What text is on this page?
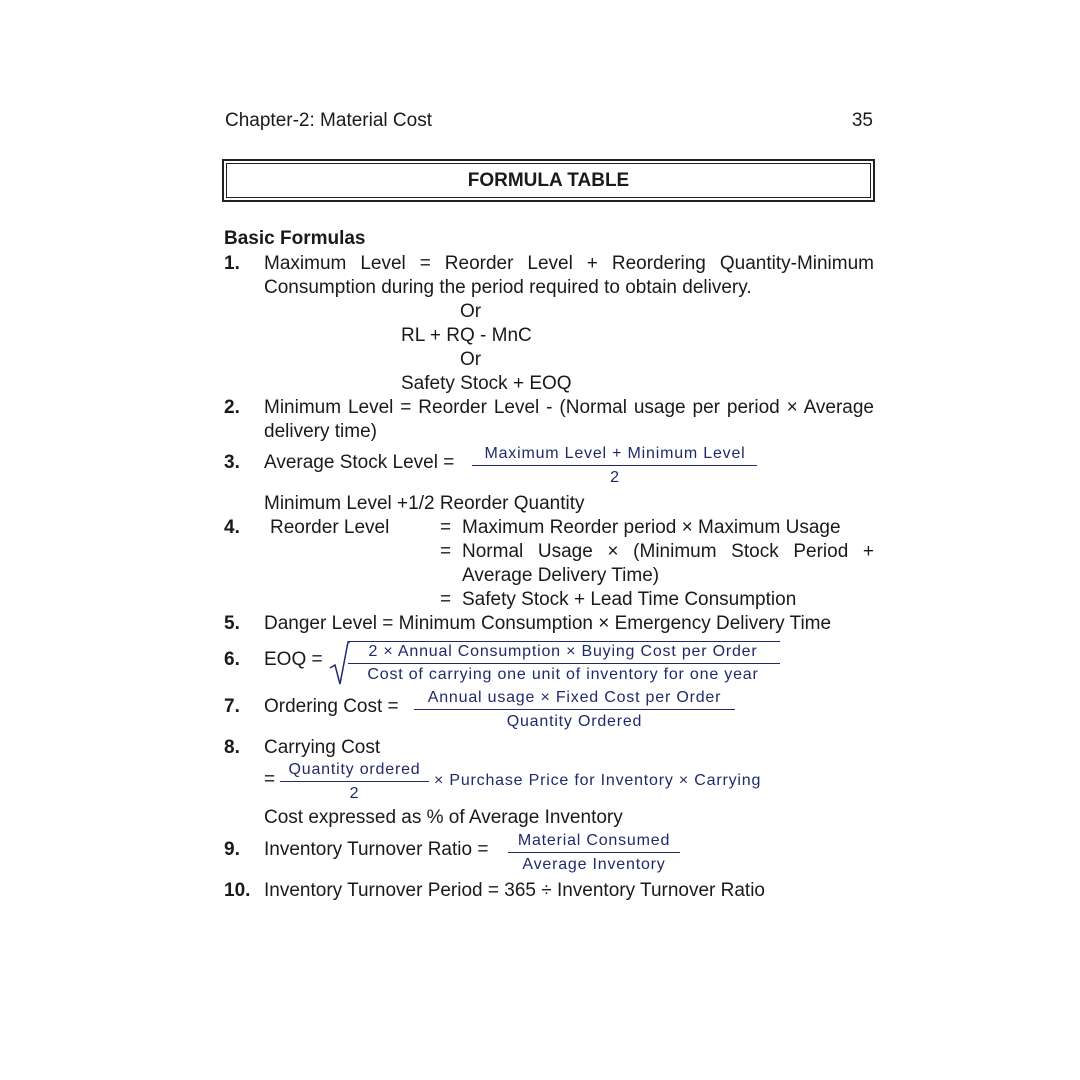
Chapter-2: Material Cost	35
FORMULA TABLE
Basic Formulas
1. Maximum Level = Reorder Level + Reordering Quantity-Minimum
Consumption during the period required to obtain delivery.
Or
RL + RQ - MnC
Or
Safety Stock + EOQ
2. Minimum Level = Reorder Level - (Normal usage per period × Average
delivery time)
3. Average Stock Level =	Maximum Level + Minimum Level
2
Minimum Level +1/2 Reorder Quantity
4. Reorder Level	= Maximum Reorder period × Maximum Usage
= Normal Usage × (Minimum Stock Period +
Average Delivery Time)
= Safety Stock + Lead Time Consumption
5. Danger Level = Minimum Consumption × Emergency Delivery Time
6. EOQ =	2 × Annual Consumption × Buying Cost per Order
Cost of carrying one unit of inventory for one year
7. Ordering Cost =	Annual usage × Fixed Cost per Order
Quantity Ordered
8. Carrying Cost
= Quantity ordered
2
× Purchase Price for Inventory × Carrying
Cost expressed as % of Average Inventory
9. Inventory Turnover Ratio =	Material Consumed
Average Inventory
10. Inventory Turnover Period = 365 ÷ Inventory Turnover Ratio
